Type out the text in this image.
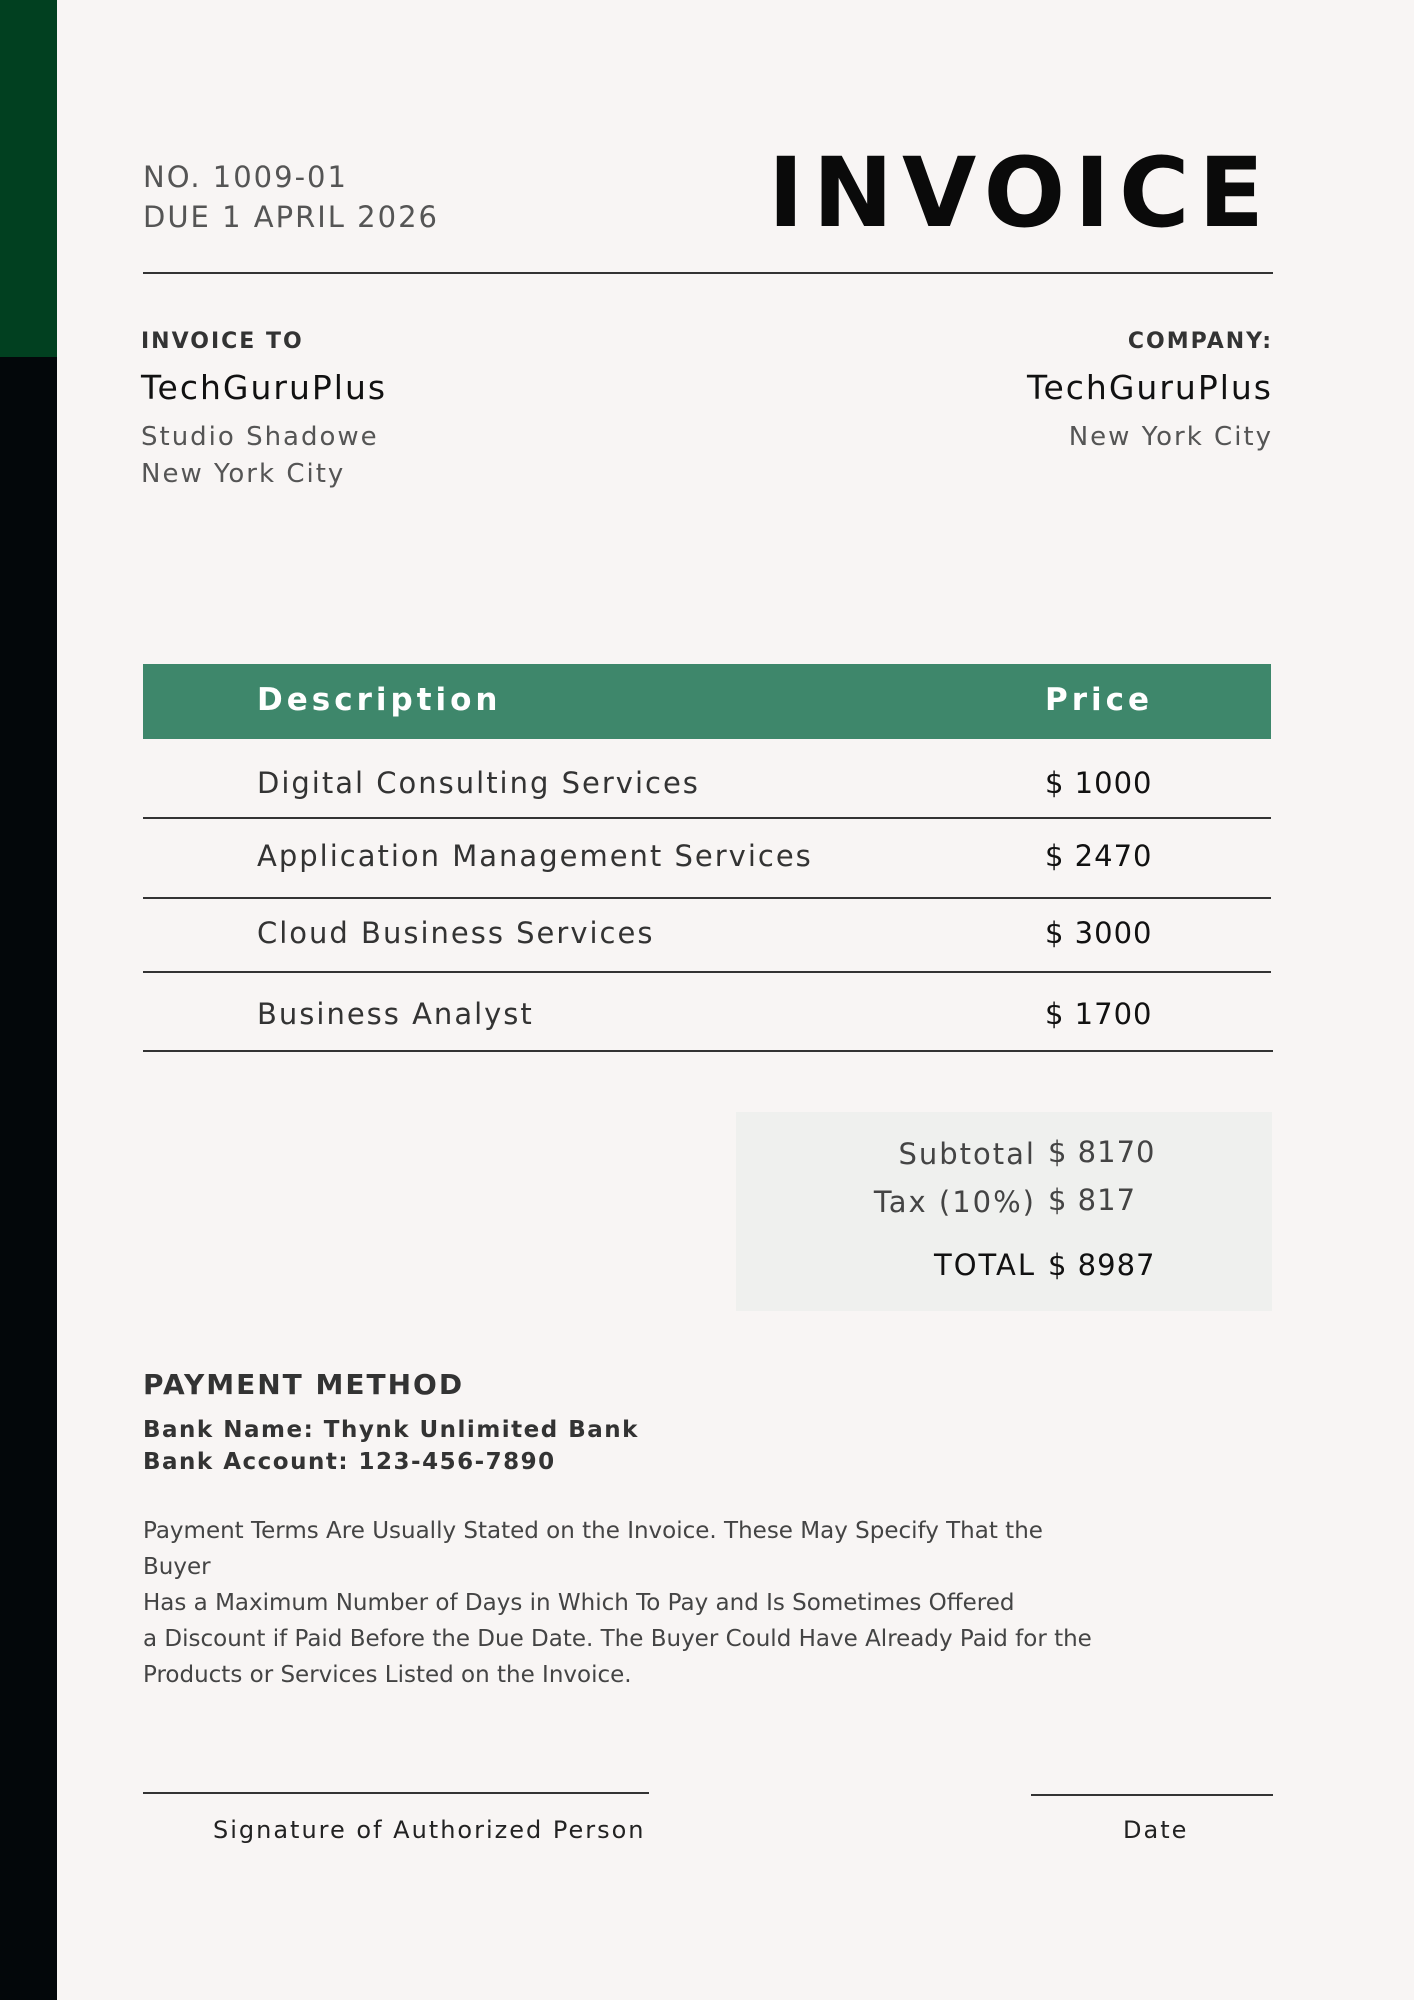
NO. 1009-01
DUE 1 APRIL 2026	INVOICE
INVOICE TO
TechGuruPlus
Studio Shadowe
New York City
COMPANY:
TechGuruPlus
New York City
Description	Price
Digital Consulting Services	$ 1000
Application Management Services	$ 2470
Cloud Business Services	$ 3000
Business Analyst	$ 1700
Subtotal $ 8170
Tax (10%) $ 817
TOTAL $ 8987
PAYMENT METHOD
Bank Name: Thynk Unlimited Bank
Bank Account: 123-456-7890
Payment Terms Are Usually Stated on the Invoice. These May Specify That the Buyer
Has a Maximum Number of Days in Which To Pay and Is Sometimes Offered
a Discount if Paid Before the Due Date. The Buyer Could Have Already Paid for the
Products or Services Listed on the Invoice.
Signature of Authorized Person	Date
